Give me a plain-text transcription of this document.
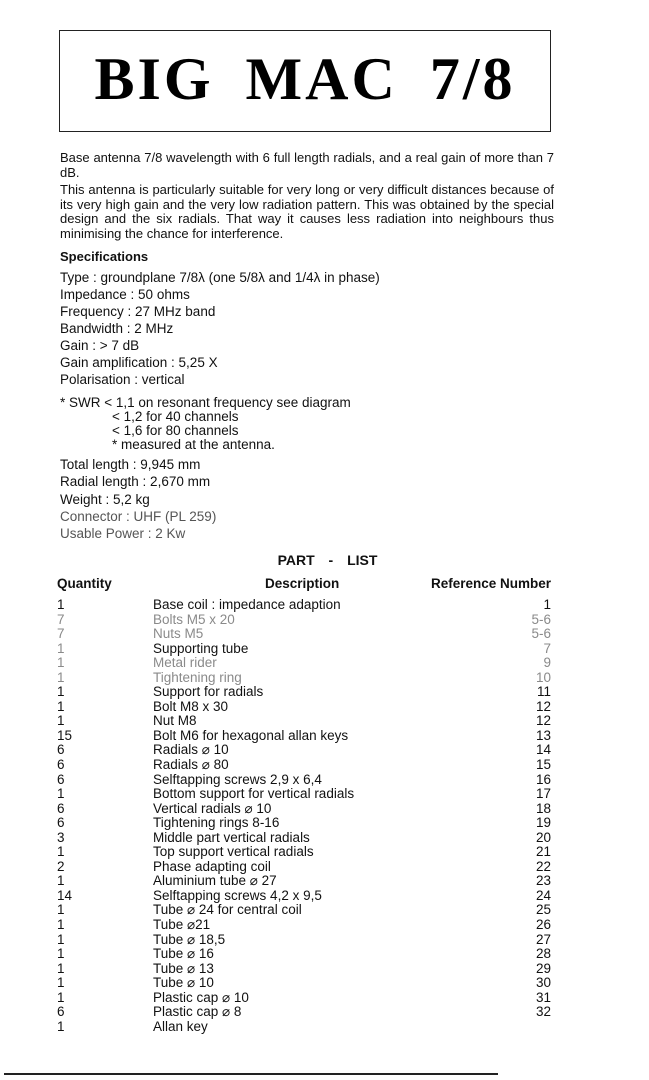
BIG MAC 7/8

Base antenna 7/8 wavelength with 6 full length radials, and a real gain of more than 7 dB.

This antenna is particularly suitable for very long or very difficult distances because of its very high gain and the very low radiation pattern. This was obtained by the special design and the six radials. That way it causes less radiation into neighbours thus minimising the chance for interference.

Specifications
Type : groundplane 7/8λ (one 5/8λ and 1/4λ in phase)
Impedance : 50 ohms
Frequency : 27 MHz band
Bandwidth : 2 MHz
Gain : > 7 dB
Gain amplification : 5,25 X
Polarisation : vertical
* SWR < 1,1 on resonant frequency see diagram
< 1,2 for 40 channels
< 1,6 for 80 channels
* measured at the antenna.
Total length : 9,945 mm
Radial length : 2,670 mm
Weight : 5,2 kg
Connector : UHF (PL 259)
Usable Power : 2 Kw
PART - LIST
Quantity	Description	Reference Number
1	Base coil : impedance adaption	1
7	Bolts M5 x 20	5-6
7	Nuts M5	5-6
1	Supporting tube	7
1	Metal rider	9
1	Tightening ring	10
1	Support for radials	11
1	Bolt M8 x 30	12
1	Nut M8	12
15	Bolt M6 for hexagonal allan keys	13
6	Radials ⌀ 10	14
6	Radials ⌀ 80	15
6	Selftapping screws 2,9 x 6,4	16
1	Bottom support for vertical radials	17
6	Vertical radials ⌀ 10	18
6	Tightening rings 8-16	19
3	Middle part vertical radials	20
1	Top support vertical radials	21
2	Phase adapting coil	22
1	Aluminium tube ⌀ 27	23
14	Selftapping screws 4,2 x 9,5	24
1	Tube ⌀ 24 for central coil	25
1	Tube ⌀21	26
1	Tube ⌀ 18,5	27
1	Tube ⌀ 16	28
1	Tube ⌀ 13	29
1	Tube ⌀ 10	30
1	Plastic cap ⌀ 10	31
6	Plastic cap ⌀ 8	32
1	Allan key
